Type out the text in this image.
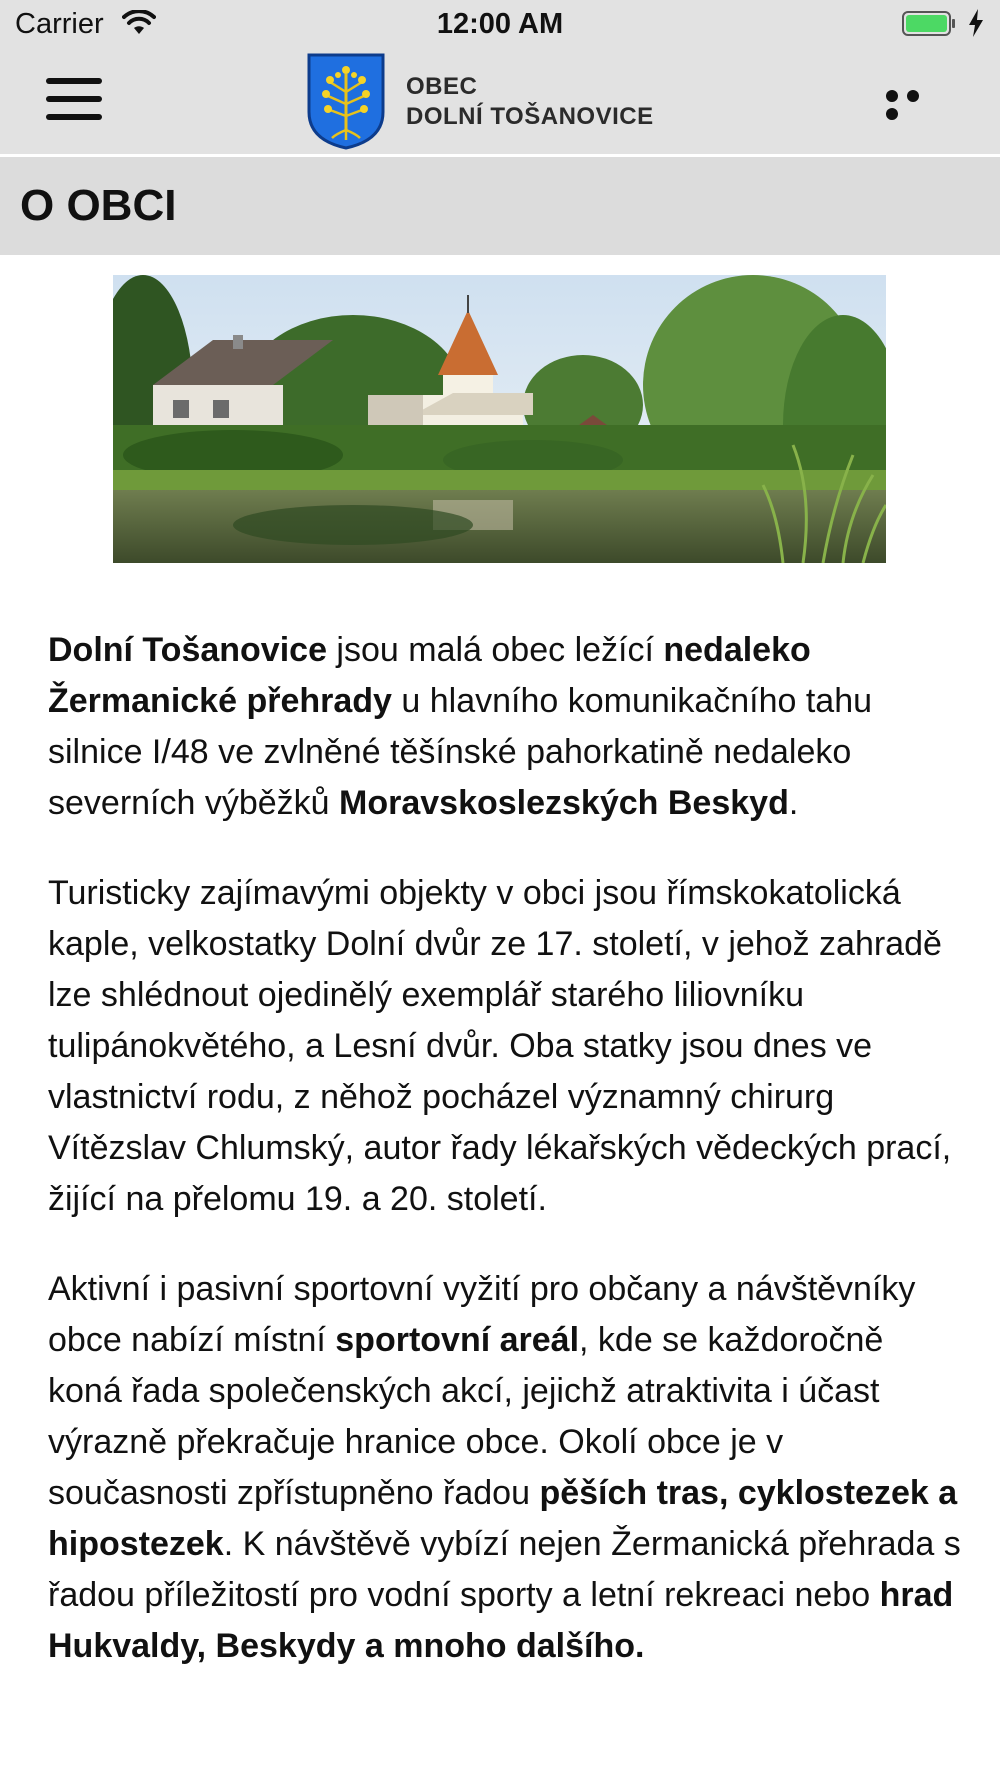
Carrier	12:00 AM
OBEC
DOLNÍ TOŠANOVICE
O OBCI

Dolní Tošanovice jsou malá obec ležící nedaleko Žermanické přehrady u hlavního komunikačního tahu silnice I/48 ve zvlněné těšínské pahorkatině nedaleko severních výběžků Moravskoslezských Beskyd.

Turisticky zajímavými objekty v obci jsou římskokatolická kaple, velkostatky Dolní dvůr ze 17. století, v jehož zahradě lze shlédnout ojedinělý exemplář starého liliovníku tulipánokvětého, a Lesní dvůr. Oba statky jsou dnes ve vlastnictví rodu, z něhož pocházel významný chirurg Vítězslav Chlumský, autor řady lékařských vědeckých prací, žijící na přelomu 19. a 20. století.

Aktivní i pasivní sportovní vyžití pro občany a návštěvníky obce nabízí místní sportovní areál, kde se každoročně koná řada společenských akcí, jejichž atraktivita i účast výrazně překračuje hranice obce. Okolí obce je v současnosti zpřístupněno řadou pěších tras, cyklostezek a hipostezek. K návštěvě vybízí nejen Žermanická přehrada s řadou příležitostí pro vodní sporty a letní rekreaci nebo hrad Hukvaldy, Beskydy a mnoho dalšího.
